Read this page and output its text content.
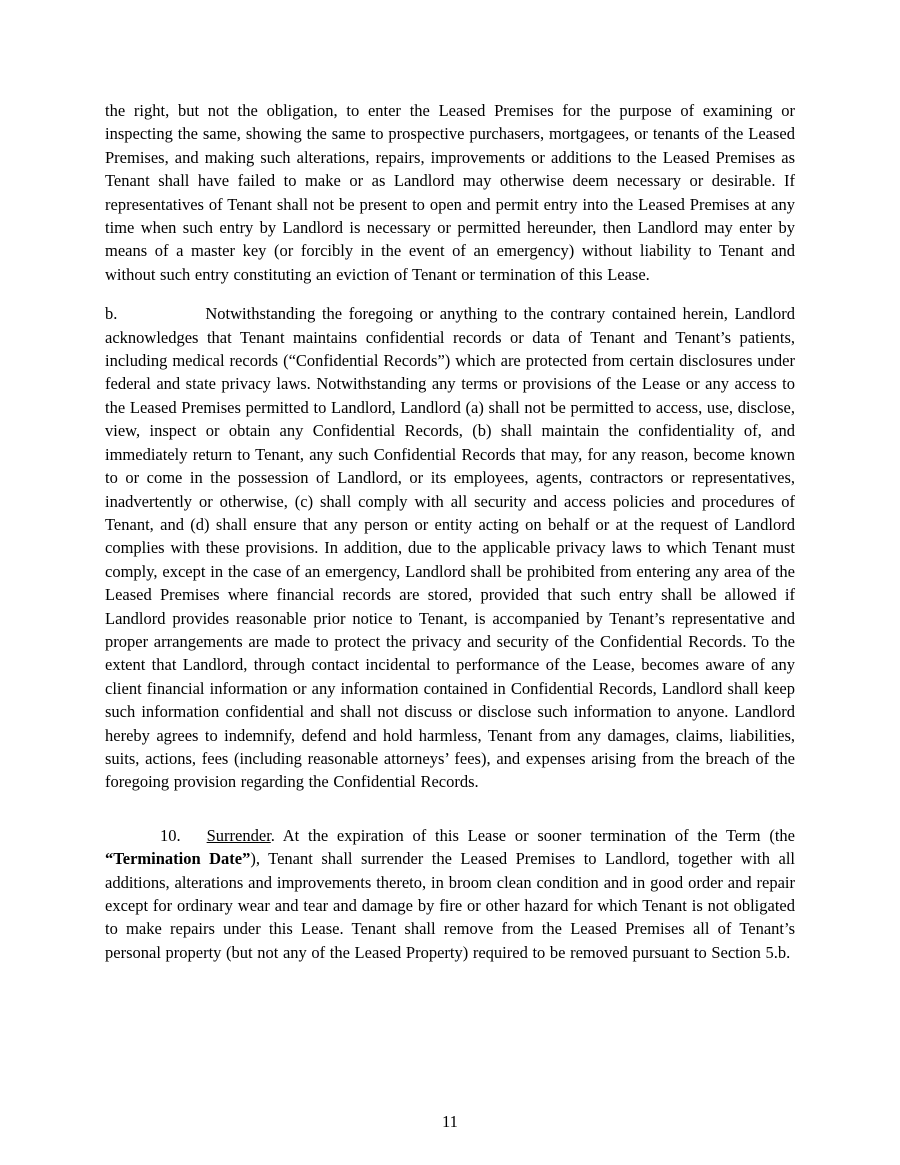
the right, but not the obligation, to enter the Leased Premises for the purpose of examining or inspecting the same, showing the same to prospective purchasers, mortgagees, or tenants of the Leased Premises, and making such alterations, repairs, improvements or additions to the Leased Premises as Tenant shall have failed to make or as Landlord may otherwise deem necessary or desirable. If representatives of Tenant shall not be present to open and permit entry into the Leased Premises at any time when such entry by Landlord is necessary or permitted hereunder, then Landlord may enter by means of a master key (or forcibly in the event of an emergency) without liability to Tenant and without such entry constituting an eviction of Tenant or termination of this Lease.

b.	Notwithstanding the foregoing or anything to the contrary contained herein, Landlord acknowledges that Tenant maintains confidential records or data of Tenant and Tenant’s patients, including medical records (“Confidential Records”) which are protected from certain disclosures under federal and state privacy laws. Notwithstanding any terms or provisions of the Lease or any access to the Leased Premises permitted to Landlord, Landlord (a) shall not be permitted to access, use, disclose, view, inspect or obtain any Confidential Records, (b) shall maintain the confidentiality of, and immediately return to Tenant, any such Confidential Records that may, for any reason, become known to or come in the possession of Landlord, or its employees, agents, contractors or representatives, inadvertently or otherwise, (c) shall comply with all security and access policies and procedures of Tenant, and (d) shall ensure that any person or entity acting on behalf or at the request of Landlord complies with these provisions. In addition, due to the applicable privacy laws to which Tenant must comply, except in the case of an emergency, Landlord shall be prohibited from entering any area of the Leased Premises where financial records are stored, provided that such entry shall be allowed if Landlord provides reasonable prior notice to Tenant, is accompanied by Tenant’s representative and proper arrangements are made to protect the privacy and security of the Confidential Records. To the extent that Landlord, through contact incidental to performance of the Lease, becomes aware of any client financial information or any information contained in Confidential Records, Landlord shall keep such information confidential and shall not discuss or disclose such information to anyone. Landlord hereby agrees to indemnify, defend and hold harmless, Tenant from any damages, claims, liabilities, suits, actions, fees (including reasonable attorneys’ fees), and expenses arising from the breach of the foregoing provision regarding the Confidential Records.

10. Surrender. At the expiration of this Lease or sooner termination of the Term (the “Termination Date”), Tenant shall surrender the Leased Premises to Landlord, together with all additions, alterations and improvements thereto, in broom clean condition and in good order and repair except for ordinary wear and tear and damage by fire or other hazard for which Tenant is not obligated to make repairs under this Lease. Tenant shall remove from the Leased Premises all of Tenant’s personal property (but not any of the Leased Property) required to be removed pursuant to Section 5.b.

11
